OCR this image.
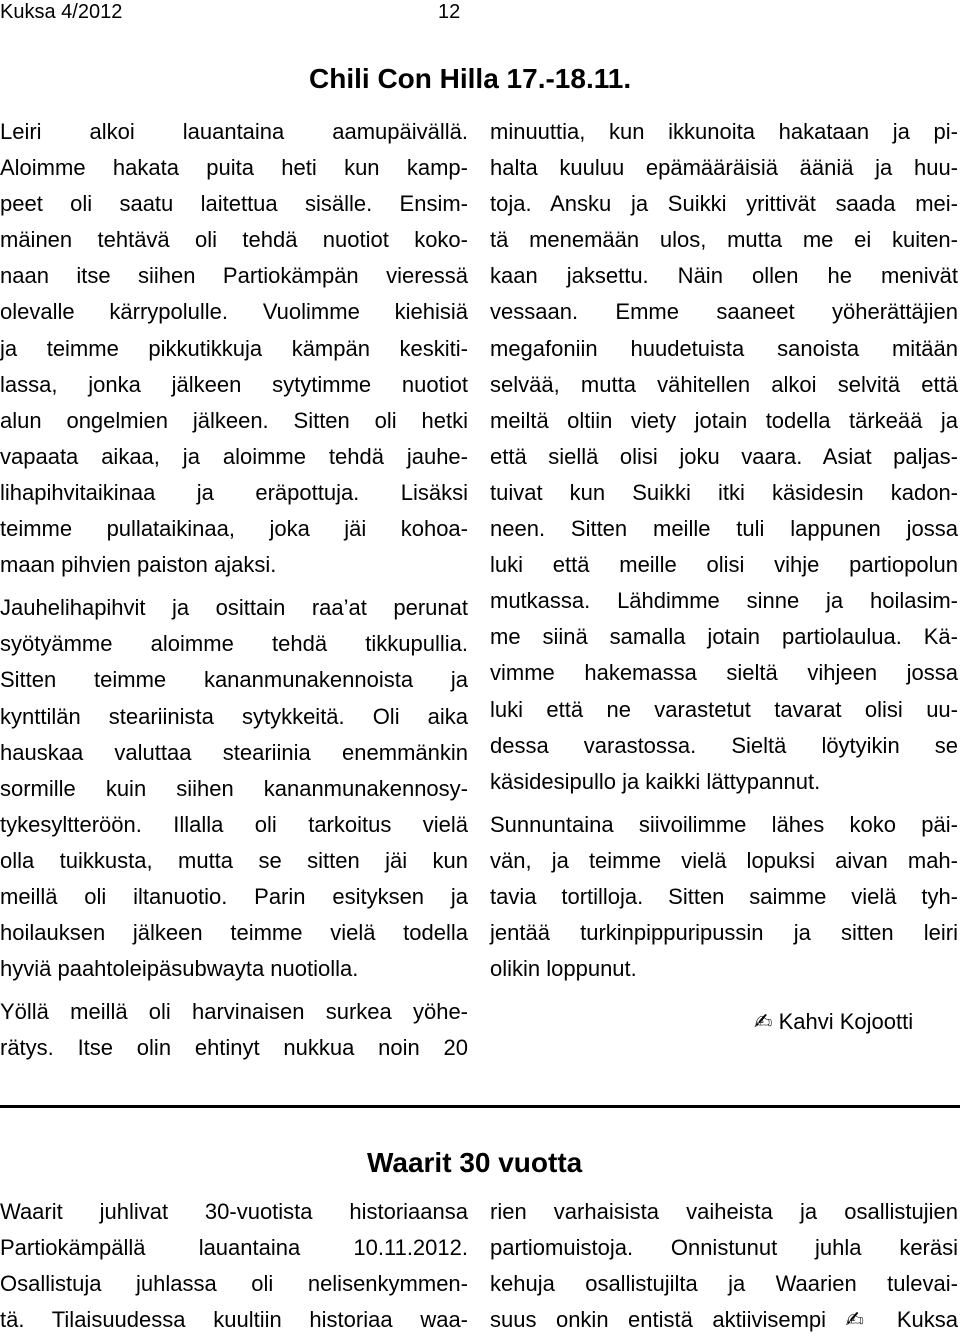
Kuksa 4/2012	12
Chili Con Hilla 17.-18.11.
Leiri alkoi lauantaina aamupäivällä.
Aloimme hakata puita heti kun kamp-
peet oli saatu laitettua sisälle. Ensim-
mäinen tehtävä oli tehdä nuotiot koko-
naan itse siihen Partiokämpän vieressä
olevalle kärrypolulle. Vuolimme kiehisiä
ja teimme pikkutikkuja kämpän keskiti-
lassa, jonka jälkeen sytytimme nuotiot
alun ongelmien jälkeen. Sitten oli hetki
vapaata aikaa, ja aloimme tehdä jauhe-
lihapihvitaikinaa ja eräpottuja. Lisäksi
teimme pullataikinaa, joka jäi kohoa-
maan pihvien paiston ajaksi.
Jauhelihapihvit ja osittain raa’at perunat
syötyämme aloimme tehdä tikkupullia.
Sitten teimme kananmunakennoista ja
kynttilän steariinista sytykkeitä. Oli aika
hauskaa valuttaa steariinia enemmänkin
sormille kuin siihen kananmunakennosy-
tykesyltteröön. Illalla oli tarkoitus vielä
olla tuikkusta, mutta se sitten jäi kun
meillä oli iltanuotio. Parin esityksen ja
hoilauksen jälkeen teimme vielä todella
hyviä paahtoleipäsubwayta nuotiolla.
Yöllä meillä oli harvinaisen surkea yöhe-
rätys. Itse olin ehtinyt nukkua noin 20
minuuttia, kun ikkunoita hakataan ja pi-
halta kuuluu epämääräisiä ääniä ja huu-
toja. Ansku ja Suikki yrittivät saada mei-
tä menemään ulos, mutta me ei kuiten-
kaan jaksettu. Näin ollen he menivät
vessaan. Emme saaneet yöherättäjien
megafoniin huudetuista sanoista mitään
selvää, mutta vähitellen alkoi selvitä että
meiltä oltiin viety jotain todella tärkeää ja
että siellä olisi joku vaara. Asiat paljas-
tuivat kun Suikki itki käsidesin kadon-
neen. Sitten meille tuli lappunen jossa
luki että meille olisi vihje partiopolun
mutkassa. Lähdimme sinne ja hoilasim-
me siinä samalla jotain partiolaulua. Kä-
vimme hakemassa sieltä vihjeen jossa
luki että ne varastetut tavarat olisi uu-
dessa varastossa. Sieltä löytyikin se
käsidesipullo ja kaikki lättypannut.
Sunnuntaina siivoilimme lähes koko päi-
vän, ja teimme vielä lopuksi aivan mah-
tavia tortilloja. Sitten saimme vielä tyh-
jentää turkinpippuripussin ja sitten leiri
olikin loppunut.
✍ Kahvi Kojootti
Waarit 30 vuotta
Waarit juhlivat 30-vuotista historiaansa
Partiokämpällä lauantaina 10.11.2012.
Osallistuja juhlassa oli nelisenkymmen-
tä. Tilaisuudessa kuultiin historiaa waa-
rien varhaisista vaiheista ja osallistujien
partiomuistoja. Onnistunut juhla keräsi
kehuja osallistujilta ja Waarien tulevai-
suus onkin entistä aktiivisempi ✍ Kuksa
